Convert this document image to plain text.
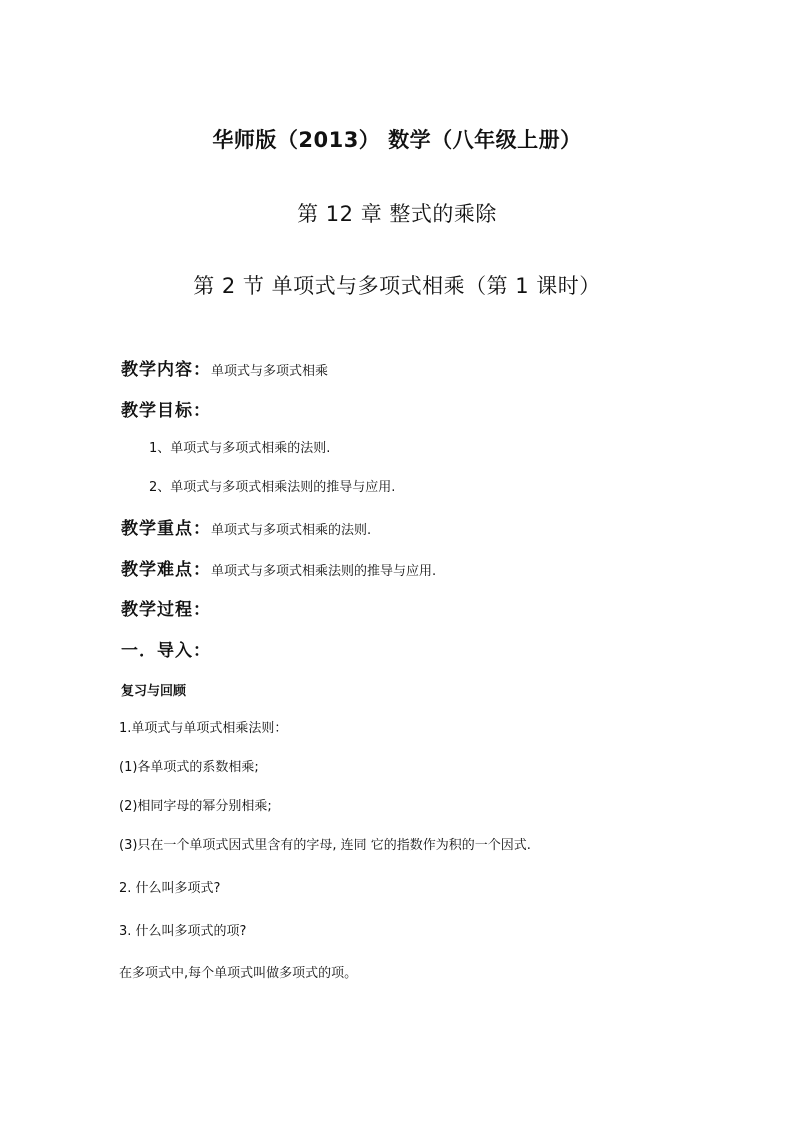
华师版（2013） 数学（八年级上册）
第 12 章 整式的乘除
第 2 节 单项式与多项式相乘（第 1 课时）
教学内容：单项式与多项式相乘
教学目标：
1、单项式与多项式相乘的法则.
2、单项式与多项式相乘法则的推导与应用.
教学重点：单项式与多项式相乘的法则.
教学难点：单项式与多项式相乘法则的推导与应用.
教学过程：
一．导入：
复习与回顾
1.单项式与单项式相乘法则：
(1)各单项式的系数相乘;
(2)相同字母的幂分别相乘;
(3)只在一个单项式因式里含有的字母, 连同 它的指数作为积的一个因式.
2. 什么叫多项式?
3. 什么叫多项式的项?
在多项式中,每个单项式叫做多项式的项。
